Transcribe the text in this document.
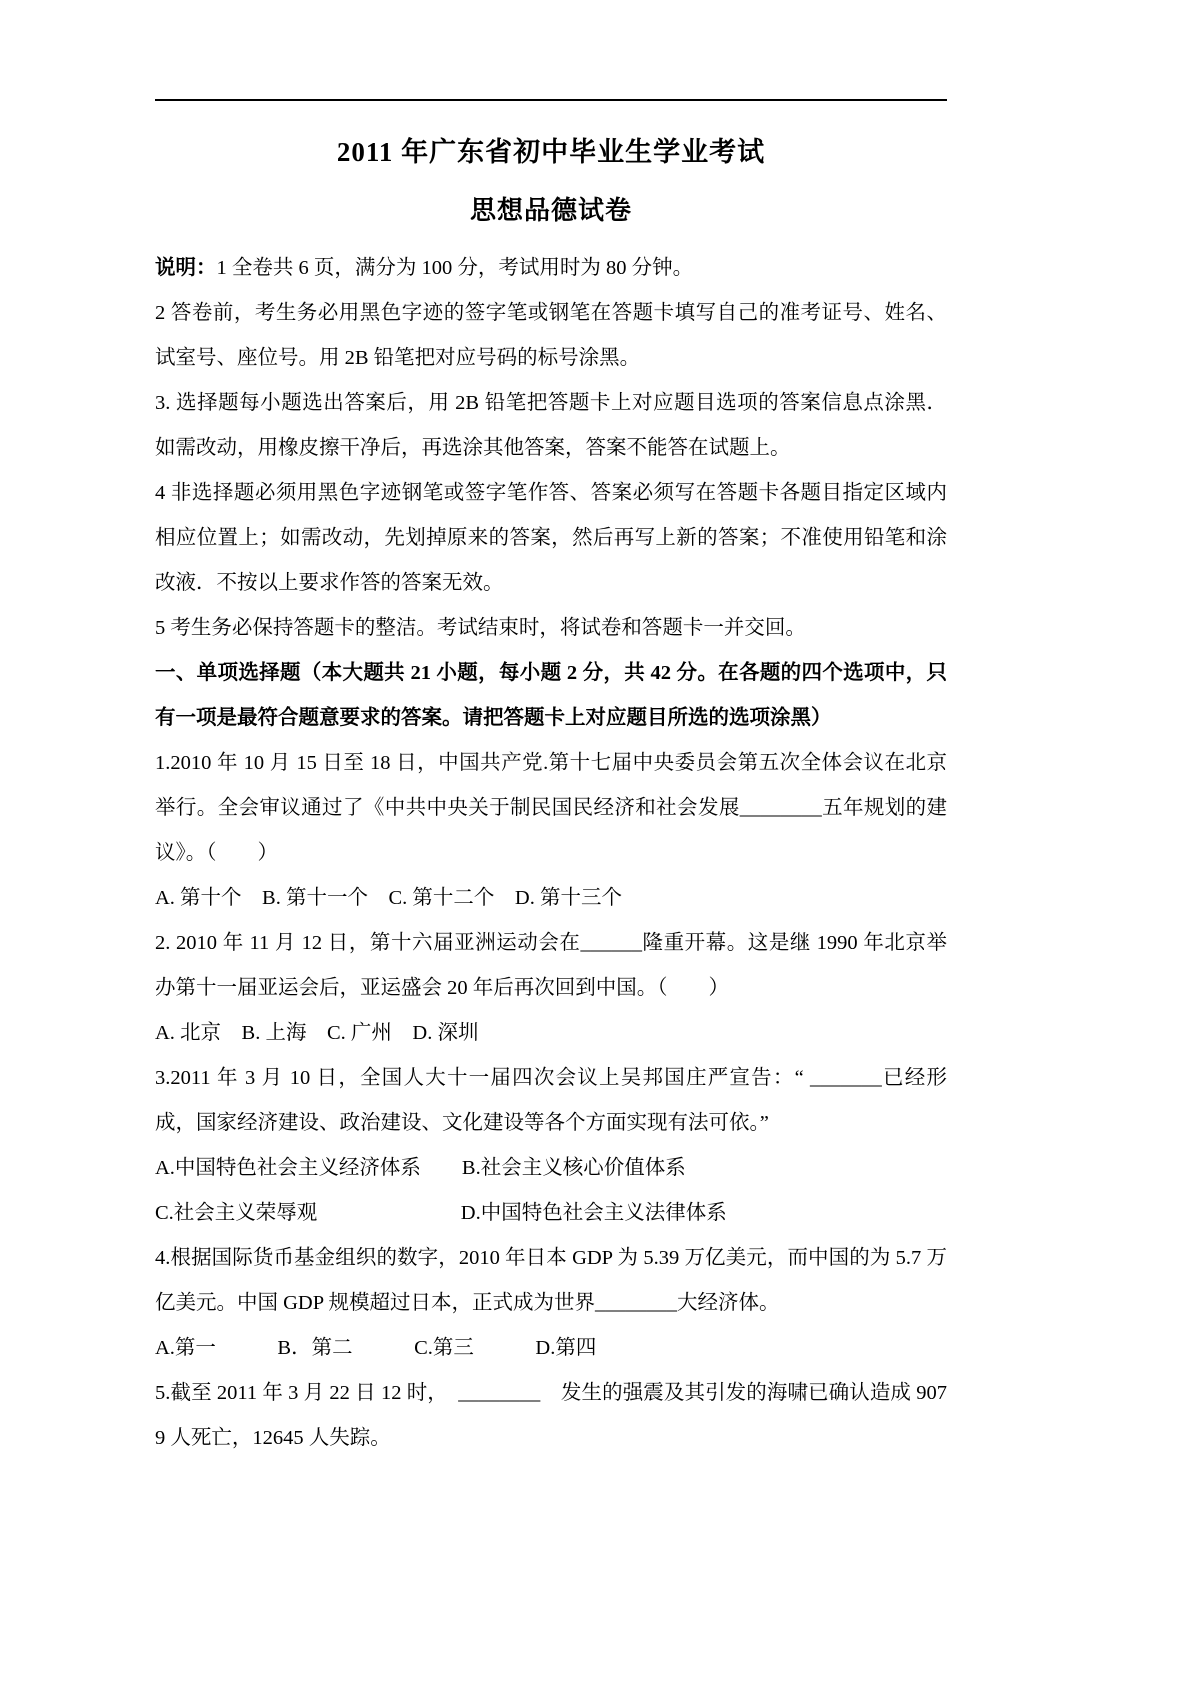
2011 年广东省初中毕业生学业考试
思想品德试卷

说明：1 全卷共 6 页，满分为 100 分，考试用时为 80 分钟。

2 答卷前，考生务必用黑色字迹的签字笔或钢笔在答题卡填写自己的准考证号、姓名、试室号、座位号。用 2B 铅笔把对应号码的标号涂黑。

3. 选择题每小题选出答案后，用 2B 铅笔把答题卡上对应题目选项的答案信息点涂黑．如需改动，用橡皮擦干净后，再选涂其他答案，答案不能答在试题上。

4 非选择题必须用黑色字迹钢笔或签字笔作答、答案必须写在答题卡各题目指定区域内相应位置上；如需改动，先划掉原来的答案，然后再写上新的答案；不准使用铅笔和涂改液．不按以上要求作答的答案无效。

5 考生务必保持答题卡的整洁。考试结束时，将试卷和答题卡一并交回。

一、单项选择题（本大题共 21 小题，每小题 2 分，共 42 分。在各题的四个选项中，只有一项是最符合题意要求的答案。请把答题卡上对应题目所选的选项涂黑）

1.2010 年 10 月 15 日至 18 日，中国共产党.第十七届中央委员会第五次全体会议在北京举行。全会审议通过了《中共中央关于制民国民经济和社会发展________五年规划的建议》。（　　）

A. 第十个　B. 第十一个　C. 第十二个　D. 第十三个

2. 2010 年 11 月 12 日，第十六届亚洲运动会在______隆重开幕。这是继 1990 年北京举办第十一届亚运会后，亚运盛会 20 年后再次回到中国。（　　）

A. 北京　B. 上海　C. 广州　D. 深圳

3.2011 年 3 月 10 日，全国人大十一届四次会议上吴邦国庄严宣告：“ _______已经形成，国家经济建设、政治建设、文化建设等各个方面实现有法可依。”

A.中国特色社会主义经济体系　　B.社会主义核心价值体系

C.社会主义荣辱观　　　　　　　D.中国特色社会主义法律体系

4.根据国际货币基金组织的数字，2010 年日本 GDP 为 5.39 万亿美元，而中国的为 5.7 万亿美元。中国 GDP 规模超过日本，正式成为世界________大经济体。

A.第一　　　B．第二　　　C.第三　　　D.第四

5.截至 2011 年 3 月 22 日 12 时，　________　发生的强震及其引发的海啸已确认造成 9079 人死亡，12645 人失踪。
